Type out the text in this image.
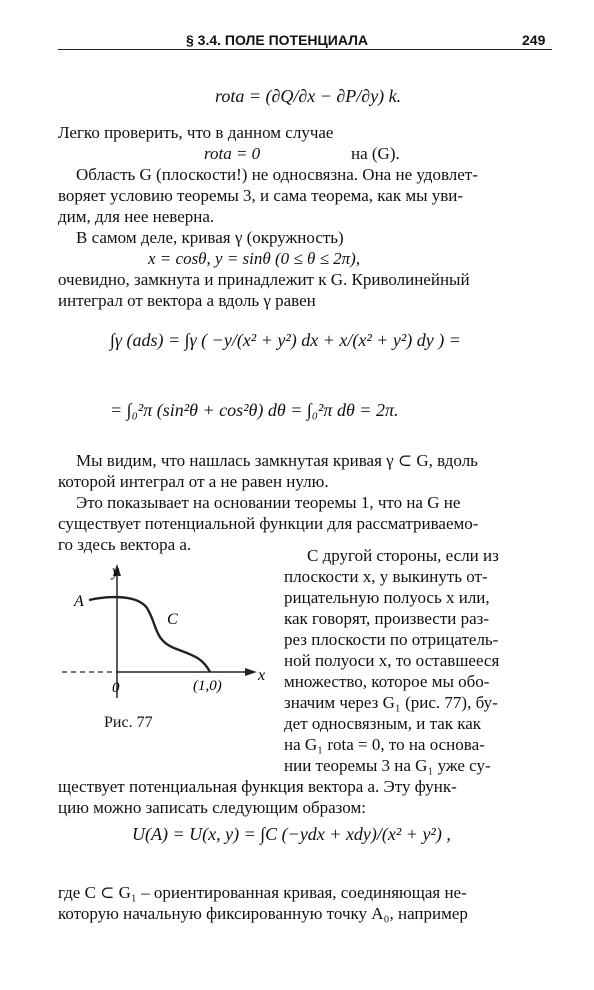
§ 3.4. ПОЛЕ ПОТЕНЦИАЛА	249
rota = (∂Q/∂x − ∂P/∂y) k.
Легко проверить, что в данном случае
rota = 0	на (G).
Область G (плоскости!) не односвязна. Она не удовлет-
воряет условию теоремы 3, и сама теорема, как мы уви-
дим, для нее неверна.
В самом деле, кривая γ (окружность)
x = cosθ, y = sinθ (0 ≤ θ ≤ 2π),
очевидно, замкнута и принадлежит к G. Криволинейный
интеграл от вектора a вдоль γ равен
∫γ (ads) = ∫γ ( −y/(x² + y²) dx + x/(x² + y²) dy ) =
= ∫₀²π (sin²θ + cos²θ) dθ = ∫₀²π dθ = 2π.
Мы видим, что нашлась замкнутая кривая γ ⊂ G, вдоль
которой интеграл от a не равен нулю.
Это показывает на основании теоремы 1, что на G не
существует потенциальной функции для рассматриваемо-
го здесь вектора a.
y
x
0	(1,0)
A
C
Рис. 77
С другой стороны, если из
плоскости x, y выкинуть от-
рицательную полуось x или,
как говорят, произвести раз-
рез плоскости по отрицатель-
ной полуоси x, то оставшееся
множество, которое мы обо-
значим через G₁ (рис. 77), бу-
дет односвязным, и так как
на G₁ rota = 0, то на основа-
нии теоремы 3 на G₁ уже су-
ществует потенциальная функция вектора a. Эту функ-
цию можно записать следующим образом:
U(A) = U(x, y) = ∫C (−ydx + xdy)/(x² + y²) ,
где C ⊂ G₁ – ориентированная кривая, соединяющая не-
которую начальную фиксированную точку A₀, например
